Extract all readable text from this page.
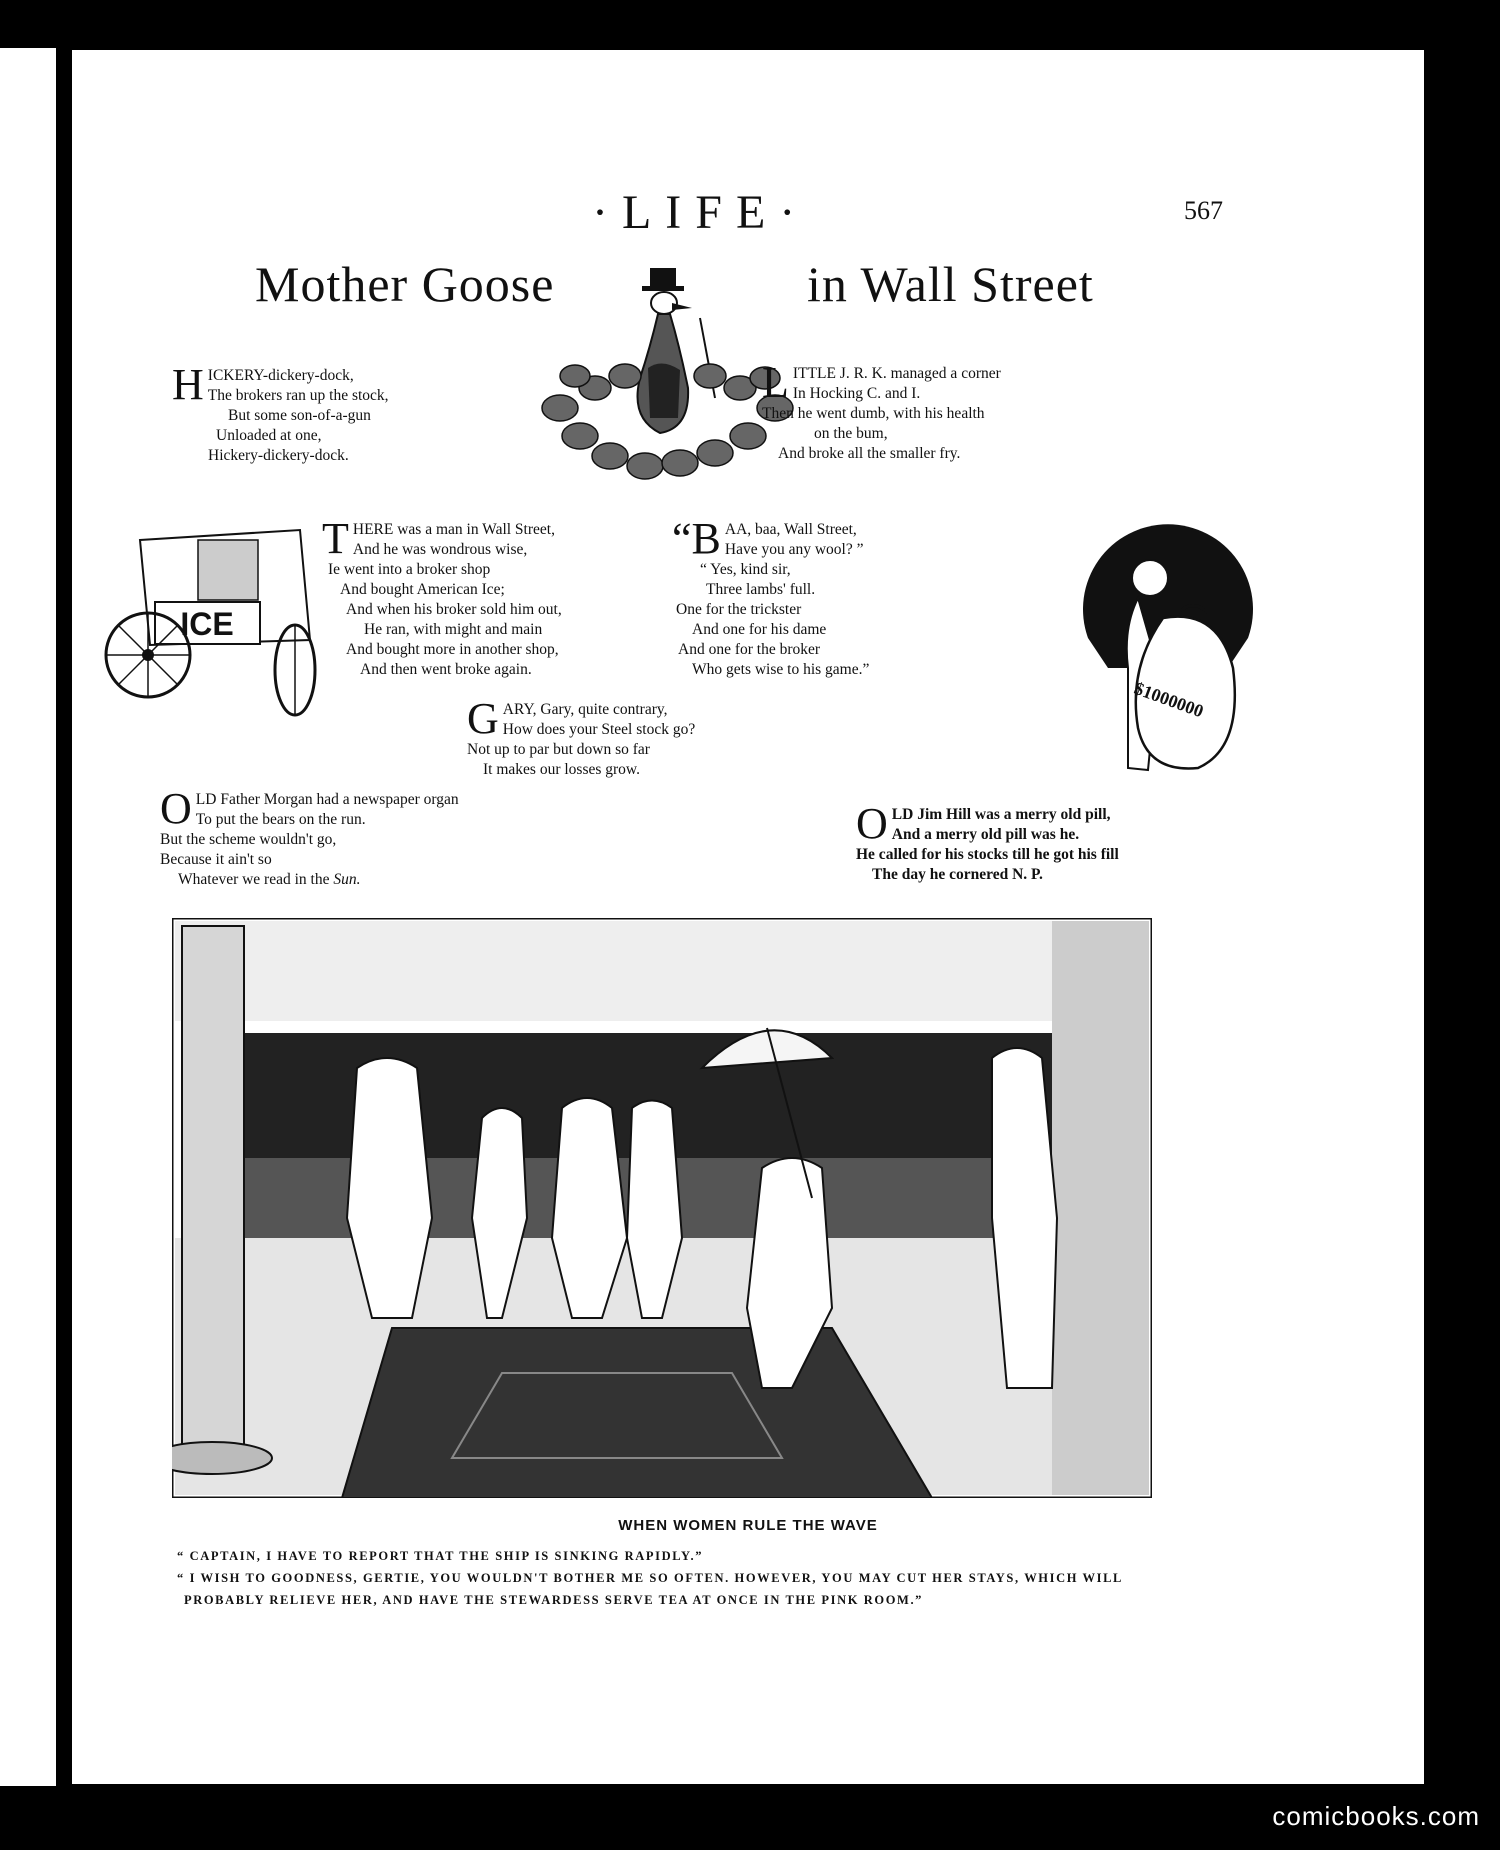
·LIFE·	567
Mother Goose	in Wall Street
H ICKERY-dickery-dock,
The brokers ran up the stock,
But some son-of-a-gun
Unloaded at one,
Hickery-dickery-dock.
L ITTLE J. R. K. managed a corner
In Hocking C. and I.
Then he went dumb, with his health
on the bum,
And broke all the smaller fry.
ICE
T HERE was a man in Wall Street,
And he was wondrous wise,
Ie went into a broker shop
And bought American Ice;
And when his broker sold him out,
He ran, with might and main
And bought more in another shop,
And then went broke again.
“B AA, baa, Wall Street,
Have you any wool? ”
“ Yes, kind sir,
Three lambs' full.
One for the trickster
And one for his dame
And one for the broker
Who gets wise to his game.”
$1000000
G ARY, Gary, quite contrary,
How does your Steel stock go?
Not up to par but down so far
It makes our losses grow.
O LD Father Morgan had a newspaper organ
To put the bears on the run.
But the scheme wouldn't go,
Because it ain't so
Whatever we read in the Sun.
O LD Jim Hill was a merry old pill,
And a merry old pill was he.
He called for his stocks till he got his fill
The day he cornered N. P.
WHEN WOMEN RULE THE WAVE
“ CAPTAIN, I HAVE TO REPORT THAT THE SHIP IS SINKING RAPIDLY.”
“ I WISH TO GOODNESS, GERTIE, YOU WOULDN'T BOTHER ME SO OFTEN. HOWEVER, YOU MAY CUT HER STAYS, WHICH WILL
PROBABLY RELIEVE HER, AND HAVE THE STEWARDESS SERVE TEA AT ONCE IN THE PINK ROOM.”
comicbooks.com
